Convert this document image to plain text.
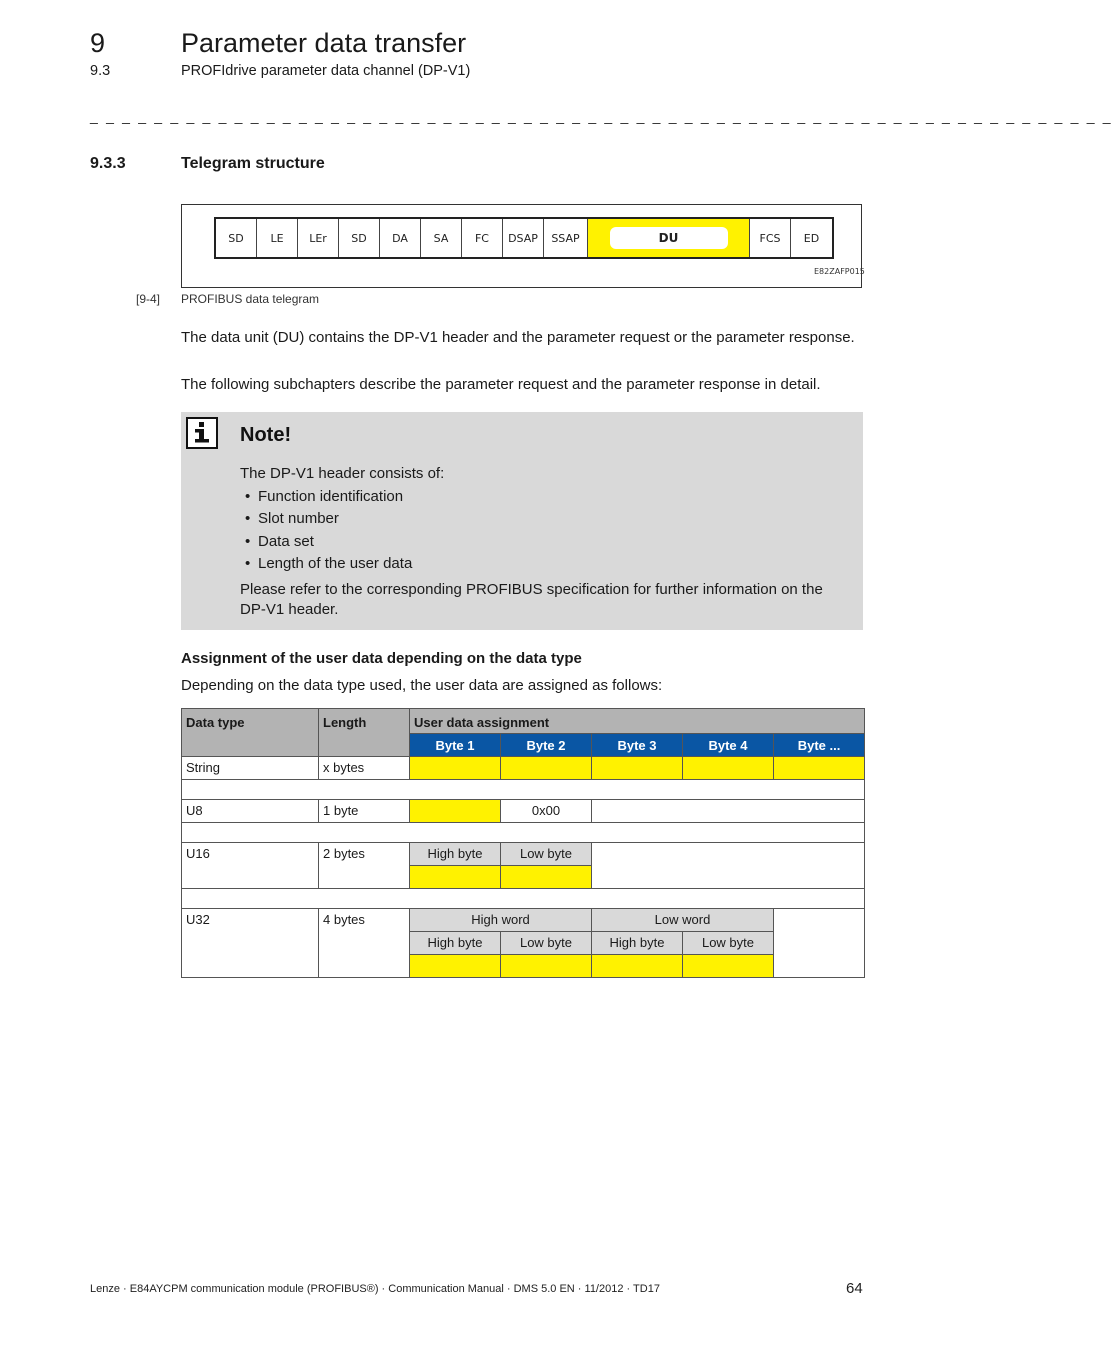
9	Parameter data transfer
9.3	PROFIdrive parameter data channel (DP-V1)
_ _ _ _ _ _ _ _ _ _ _ _ _ _ _ _ _ _ _ _ _ _ _ _ _ _ _ _ _ _ _ _ _ _ _ _ _ _ _ _ _ _ _ _ _ _ _ _ _ _ _ _ _ _ _ _ _ _ _ _ _ _ _ _
9.3.3	Telegram structure
SD	LE	LEr	SD	DA	SA	FC	DSAP	SSAP	DU	FCS	ED
E82ZAFP015
[9-4] PROFIBUS data telegram
The data unit (DU) contains the DP-V1 header and the parameter request or the parameter response.
The following subchapters describe the parameter request and the parameter response in detail.
Note!
The DP-V1 header consists of:
• Function identification
• Slot number
• Data set
• Length of the user data
Please refer to the corresponding PROFIBUS specification for further information on the DP-V1 header.
Assignment of the user data depending on the data type
Depending on the data type used, the user data are assigned as follows:
Data type	Length	User data assignment				
		Byte 1	Byte 2	Byte 3	Byte 4	Byte ...
String	x bytes					

U8	1 byte		0x00			

U16	2 bytes	High byte	Low byte			

U32	4 bytes	High word		Low word		
		High byte	Low byte	High byte	Low byte	

Lenze · E84AYCPM communication module (PROFIBUS®) · Communication Manual · DMS 5.0 EN · 11/2012 · TD17	64
